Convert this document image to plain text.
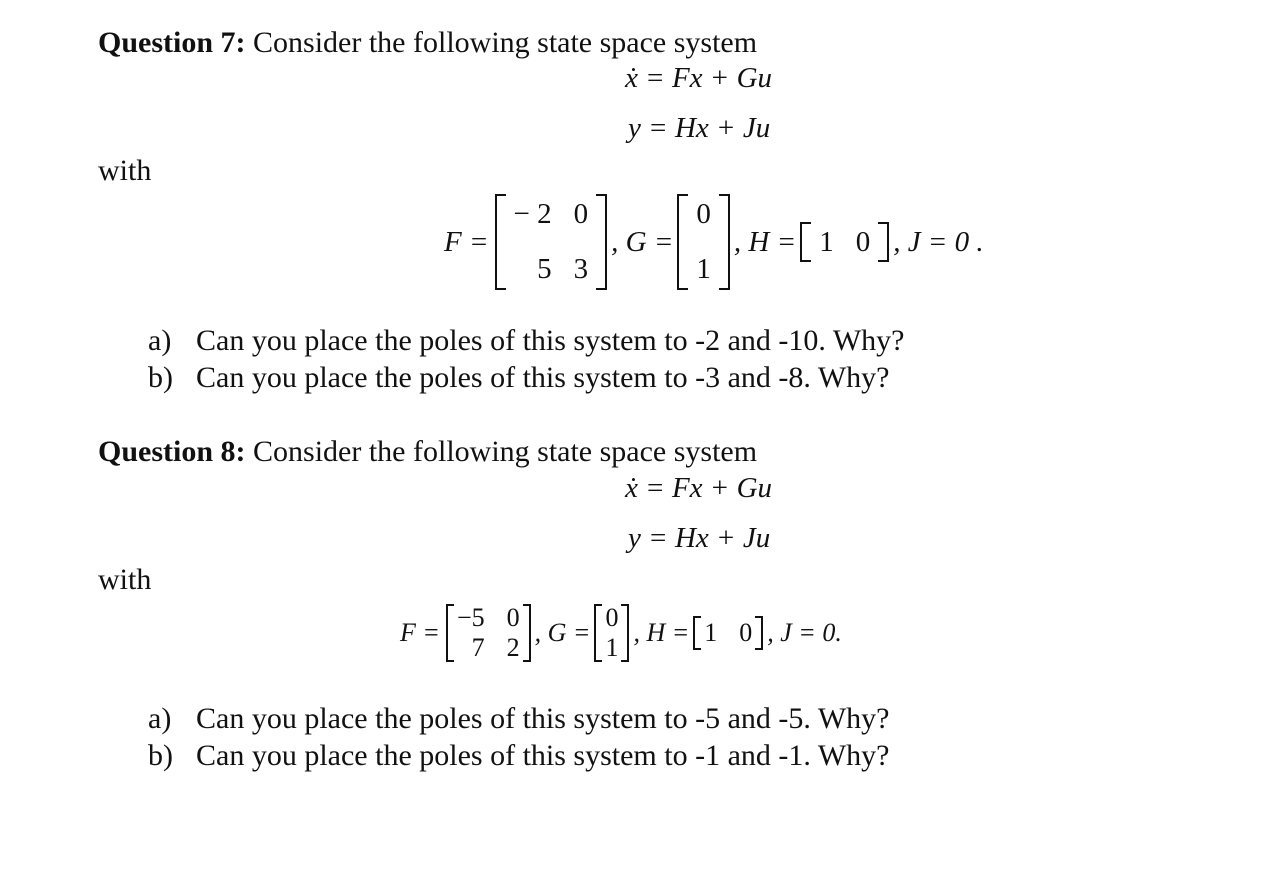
Question 7: Consider the following state space system
ẋ = Fx + Gu
y = Hx + Ju
with
F =
− 2 0
5 3
, G =
0
1
, H = 1 0 , J = 0 .
a) Can you place the poles of this system to -2 and -10. Why?
b) Can you place the poles of this system to -3 and -8. Why?
Question 8: Consider the following state space system
ẋ = Fx + Gu
y = Hx + Ju
with
F =
−5 0
7 2
, G =
0
1
, H = 1 0 , J = 0.
a) Can you place the poles of this system to -5 and -5. Why?
b) Can you place the poles of this system to -1 and -1. Why?
